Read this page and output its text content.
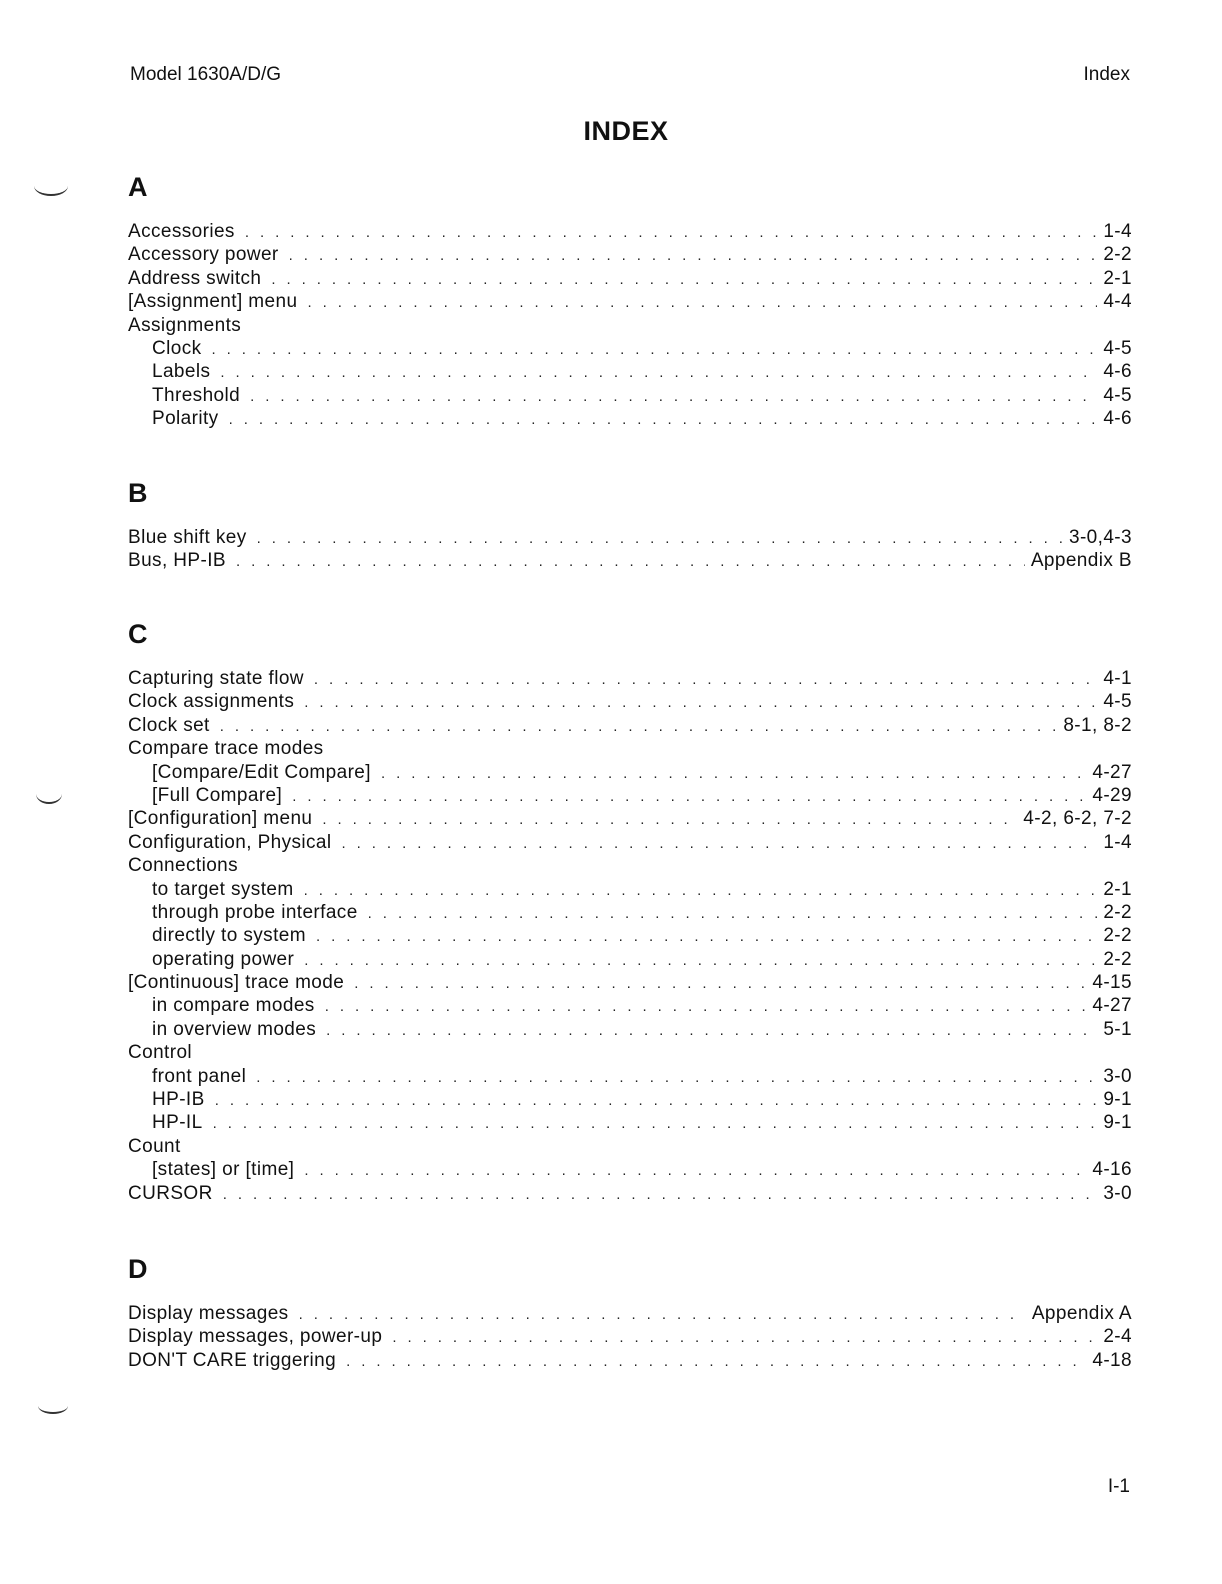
Model 1630A/D/G	Index
INDEX
A
Accessories . . .	1-4
Accessory power . . .	2-2
Address switch . . .	2-1
[Assignment] menu . . .	4-4
Assignments
Clock . . .	4-5
Labels . . .	4-6
Threshold . . .	4-5
Polarity . . .	4-6
B
Blue shift key . . .	3-0,4-3
Bus, HP-IB . . .	Appendix B
C
Capturing state flow . . .	4-1
Clock assignments . . .	4-5
Clock set . . .	8-1, 8-2
Compare trace modes
[Compare/Edit Compare] . . .	4-27
[Full Compare] . . .	4-29
[Configuration] menu . . .	4-2, 6-2, 7-2
Configuration, Physical . . .	1-4
Connections
to target system . . .	2-1
through probe interface . . .	2-2
directly to system . . .	2-2
operating power . . .	2-2
[Continuous] trace mode . . .	4-15
in compare modes . . .	4-27
in overview modes . . .	5-1
Control
front panel . . .	3-0
HP-IB . . .	9-1
HP-IL . . .	9-1
Count
[states] or [time] . . .	4-16
CURSOR . . .	3-0
D
Display messages . . .	Appendix A
Display messages, power-up . . .	2-4
DON'T CARE triggering . . .	4-18
I-1
